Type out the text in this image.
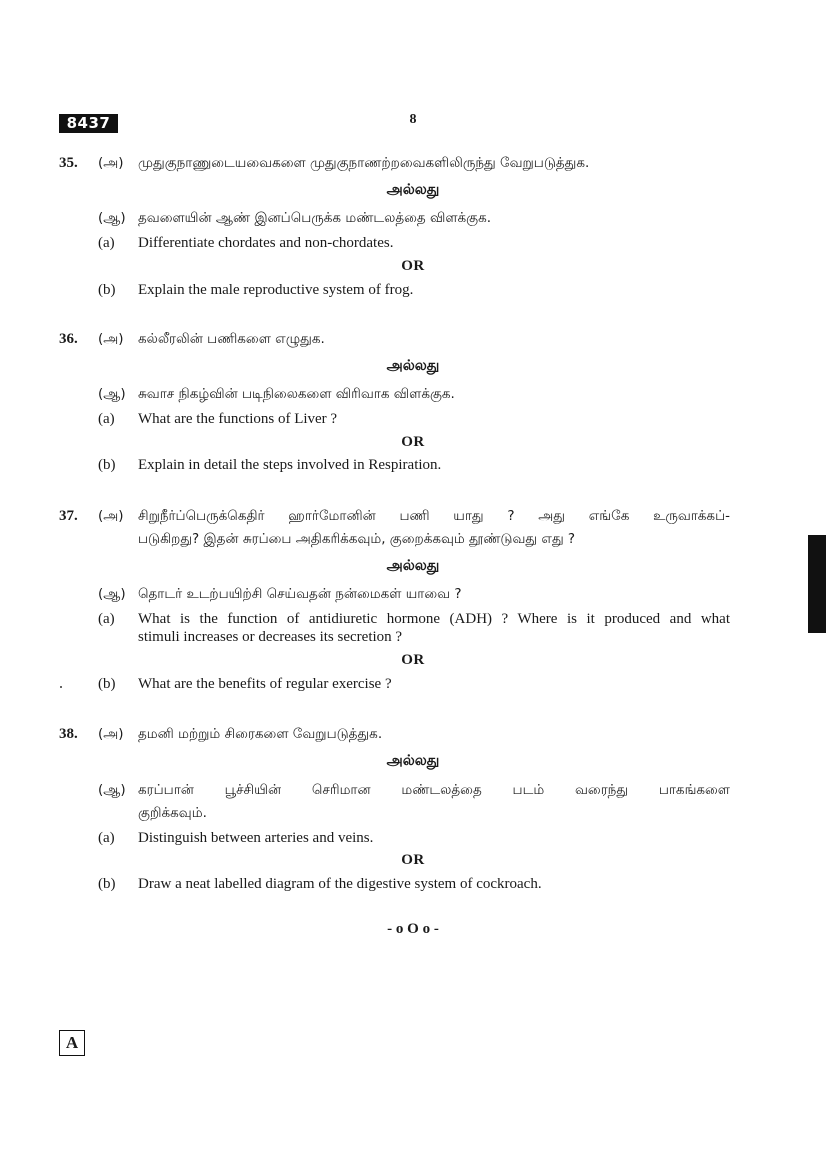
8437	8
35.	(அ)	முதுகுநாணுடையவைகளை முதுகுநாணற்றவைகளிலிருந்து வேறுபடுத்துக.
அல்லது
(ஆ) தவளையின் ஆண் இனப்பெருக்க மண்டலத்தை விளக்குக.
(a)	Differentiate chordates and non-chordates.
OR
(b)	Explain the male reproductive system of frog.
36.	(அ)	கல்லீரலின் பணிகளை எழுதுக.
அல்லது
(ஆ) சுவாச நிகழ்வின் படிநிலைகளை விரிவாக விளக்குக.
(a)	What are the functions of Liver ?
OR
(b)	Explain in detail the steps involved in Respiration.
37.	(அ)	சிறுநீர்ப்பெருக்கெதிர் ஹார்மோனின் பணி யாது ? அது எங்கே உருவாக்கப்-
படுகிறது? இதன் சுரப்பை அதிகரிக்கவும், குறைக்கவும் தூண்டுவது எது ?
அல்லது
(ஆ) தொடர் உடற்பயிற்சி செய்வதன் நன்மைகள் யாவை ?
(a)	What is the function of antidiuretic hormone (ADH) ? Where is it produced and what
stimuli increases or decreases its secretion ?
OR
(b)	What are the benefits of regular exercise ?
38.	(அ)	தமனி மற்றும் சிரைகளை வேறுபடுத்துக.
அல்லது
(ஆ) கரப்பான் பூச்சியின் செரிமான மண்டலத்தை படம் வரைந்து பாகங்களை
குறிக்கவும்.
(a)	Distinguish between arteries and veins.
OR
(b)	Draw a neat labelled diagram of the digestive system of cockroach.
- o O o -
A
